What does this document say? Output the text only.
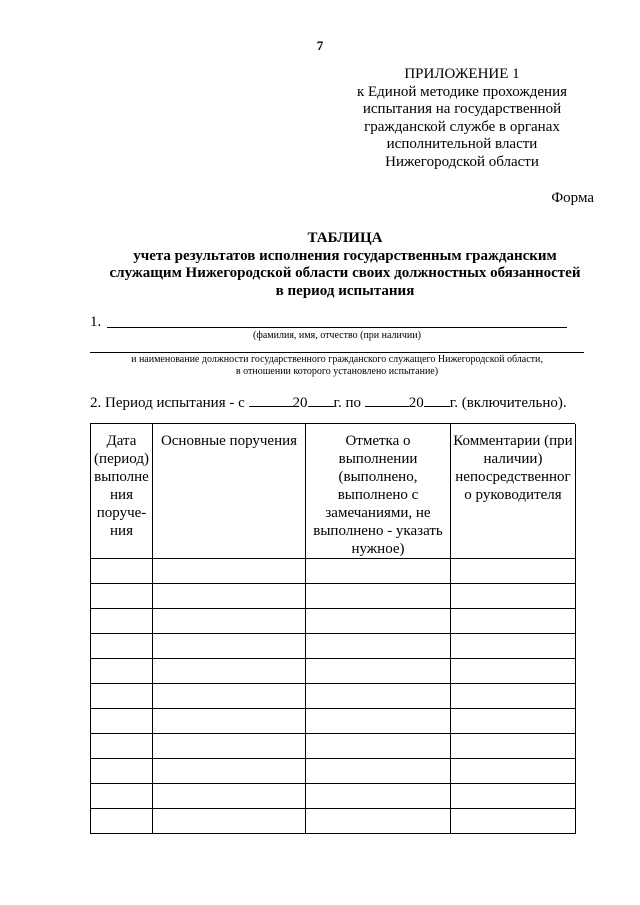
7
ПРИЛОЖЕНИЕ 1
к Единой методике прохождения
испытания на государственной
гражданской службе в органах
исполнительной власти
Нижегородской области
Форма
ТАБЛИЦА
учета результатов исполнения государственным гражданским
служащим Нижегородской области своих должностных обязанностей
в период испытания
1.
(фамилия, имя, отчество (при наличии)
и наименование должности государственного гражданского служащего Нижегородской области,
в отношении которого установлено испытание)
2. Период испытания - с	20 г. по	20 г. (включительно).
Дата (период) выполне ния поруче- ния	Основные поручения	Отметка о выполнении (выполнено, выполнено с замечаниями, не выполнено - указать нужное)	Комментарии (при наличии) непосредственног о руководителя
